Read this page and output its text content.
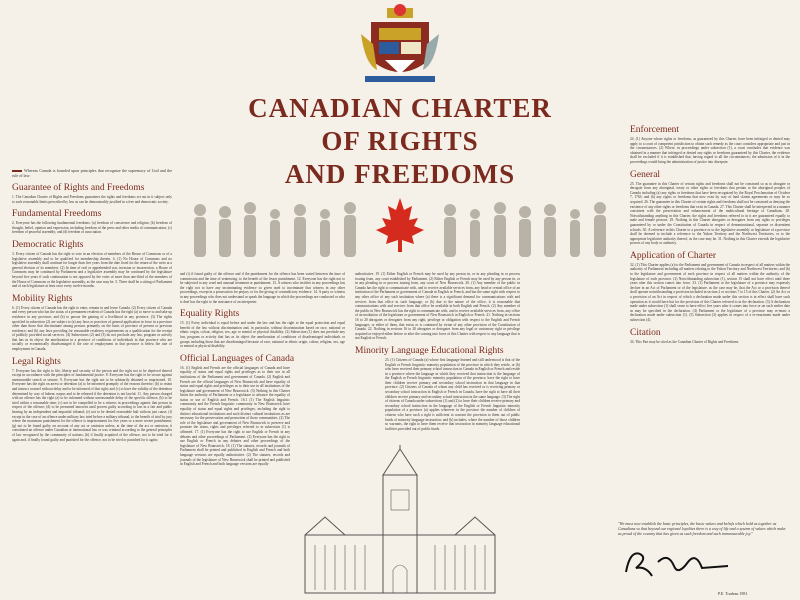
CANADIAN CHARTER
OF RIGHTS
AND FREEDOMS

Whereas Canada is founded upon principles that recognize the supremacy of God and the rule of law:

Guarantee of Rights and Freedoms

1. The Canadian Charter of Rights and Freedoms guarantees the rights and freedoms set out in it subject only to such reasonable limits prescribed by law as can be demonstrably justified in a free and democratic society.

Fundamental Freedoms

2. Everyone has the following fundamental freedoms: (a) freedom of conscience and religion; (b) freedom of thought, belief, opinion and expression, including freedom of the press and other media of communication; (c) freedom of peaceful assembly; and (d) freedom of association.

Democratic Rights

3. Every citizen of Canada has the right to vote in an election of members of the House of Commons or of a legislative assembly and to be qualified for membership therein. 4. (1) No House of Commons and no legislative assembly shall continue for longer than five years from the date fixed for the return of the writs at a general election of its members. (2) In time of real or apprehended war, invasion or insurrection, a House of Commons may be continued by Parliament and a legislative assembly may be continued by the legislature beyond five years if such continuation is not opposed by the votes of more than one-third of the members of the House of Commons or the legislative assembly, as the case may be. 5. There shall be a sitting of Parliament and of each legislature at least once every twelve months.

Mobility Rights

6. (1) Every citizen of Canada has the right to enter, remain in and leave Canada. (2) Every citizen of Canada and every person who has the status of a permanent resident of Canada has the right (a) to move to and take up residence in any province; and (b) to pursue the gaining of a livelihood in any province. (3) The rights specified in subsection (2) are subject to (a) any laws or practices of general application in force in a province other than those that discriminate among persons primarily on the basis of province of present or previous residence; and (b) any laws providing for reasonable residency requirements as a qualification for the receipt of publicly provided social services. (4) Subsections (2) and (3) do not preclude any law, program or activity that has as its object the amelioration in a province of conditions of individuals in that province who are socially or economically disadvantaged if the rate of employment in that province is below the rate of employment in Canada.

Legal Rights

7. Everyone has the right to life, liberty and security of the person and the right not to be deprived thereof except in accordance with the principles of fundamental justice. 8. Everyone has the right to be secure against unreasonable search or seizure. 9. Everyone has the right not to be arbitrarily detained or imprisoned. 10. Everyone has the right on arrest or detention (a) to be informed promptly of the reasons therefor; (b) to retain and instruct counsel without delay and to be informed of that right; and (c) to have the validity of the detention determined by way of habeas corpus and to be released if the detention is not lawful. 11. Any person charged with an offence has the right (a) to be informed without unreasonable delay of the specific offence; (b) to be tried within a reasonable time; (c) not to be compelled to be a witness in proceedings against that person in respect of the offence; (d) to be presumed innocent until proven guilty according to law in a fair and public hearing by an independent and impartial tribunal; (e) not to be denied reasonable bail without just cause; (f) except in the case of an offence under military law tried before a military tribunal, to the benefit of trial by jury where the maximum punishment for the offence is imprisonment for five years or a more severe punishment; (g) not to be found guilty on account of any act or omission unless, at the time of the act or omission, it constituted an offence under Canadian or international law or was criminal according to the general principles of law recognized by the community of nations; (h) if finally acquitted of the offence, not to be tried for it again and, if finally found guilty and punished for the offence, not to be tried or punished for it again;

and (i) if found guilty of the offence and if the punishment for the offence has been varied between the time of commission and the time of sentencing, to the benefit of the lesser punishment. 12. Everyone has the right not to be subjected to any cruel and unusual treatment or punishment. 13. A witness who testifies in any proceedings has the right not to have any incriminating evidence so given used to incriminate that witness in any other proceedings, except in a prosecution for perjury or for the giving of contradictory evidence. 14. A party or witness in any proceedings who does not understand or speak the language in which the proceedings are conducted or who is deaf has the right to the assistance of an interpreter.

Equality Rights

15. (1) Every individual is equal before and under the law and has the right to the equal protection and equal benefit of the law without discrimination and, in particular, without discrimination based on race, national or ethnic origin, colour, religion, sex, age or mental or physical disability. (2) Subsection (1) does not preclude any law, program or activity that has as its object the amelioration of conditions of disadvantaged individuals or groups including those that are disadvantaged because of race, national or ethnic origin, colour, religion, sex, age or mental or physical disability.

Official Languages of Canada

16. (1) English and French are the official languages of Canada and have equality of status and equal rights and privileges as to their use in all institutions of the Parliament and government of Canada. (2) English and French are the official languages of New Brunswick and have equality of status and equal rights and privileges as to their use in all institutions of the legislature and government of New Brunswick. (3) Nothing in this Charter limits the authority of Parliament or a legislature to advance the equality of status or use of English and French. 16.1 (1) The English linguistic community and the French linguistic community in New Brunswick have equality of status and equal rights and privileges, including the right to distinct educational institutions and such distinct cultural institutions as are necessary for the preservation and promotion of those communities. (2) The role of the legislature and government of New Brunswick to preserve and promote the status, rights and privileges referred to in subsection (1) is affirmed. 17. (1) Everyone has the right to use English or French in any debates and other proceedings of Parliament. (2) Everyone has the right to use English or French in any debates and other proceedings of the legislature of New Brunswick. 18. (1) The statutes, records and journals of Parliament shall be printed and published in English and French and both language versions are equally authoritative. (2) The statutes, records and journals of the legislature of New Brunswick shall be printed and published in English and French and both language versions are equally

authoritative. 19. (1) Either English or French may be used by any person in, or in any pleading in or process issuing from, any court established by Parliament. (2) Either English or French may be used by any person in, or in any pleading in or process issuing from, any court of New Brunswick. 20. (1) Any member of the public in Canada has the right to communicate with, and to receive available services from, any head or central office of an institution of the Parliament or government of Canada in English or French, and has the same right with respect to any other office of any such institution where (a) there is a significant demand for communications with and services from that office in such language; or (b) due to the nature of the office, it is reasonable that communications with and services from that office be available in both English and French. (2) Any member of the public in New Brunswick has the right to communicate with, and to receive available services from, any office of an institution of the legislature or government of New Brunswick in English or French. 21. Nothing in sections 16 to 20 abrogates or derogates from any right, privilege or obligation with respect to the English and French languages, or either of them, that exists or is continued by virtue of any other provision of the Constitution of Canada. 22. Nothing in sections 16 to 20 abrogates or derogates from any legal or customary right or privilege acquired or enjoyed either before or after the coming into force of this Charter with respect to any language that is not English or French.

Minority Language Educational Rights

23. (1) Citizens of Canada (a) whose first language learned and still understood is that of the English or French linguistic minority population of the province in which they reside, or (b) who have received their primary school instruction in Canada in English or French and reside in a province where the language in which they received that instruction is the language of the English or French linguistic minority population of the province, have the right to have their children receive primary and secondary school instruction in that language in that province. (2) Citizens of Canada of whom any child has received or is receiving primary or secondary school instruction in English or French in Canada, have the right to have all their children receive primary and secondary school instruction in the same language. (3) The right of citizens of Canada under subsections (1) and (2) to have their children receive primary and secondary school instruction in the language of the English or French linguistic minority population of a province (a) applies wherever in the province the number of children of citizens who have such a right is sufficient to warrant the provision to them out of public funds of minority language instruction; and (b) includes, where the number of those children so warrants, the right to have them receive that instruction in minority language educational facilities provided out of public funds.

Enforcement

24. (1) Anyone whose rights or freedoms, as guaranteed by this Charter, have been infringed or denied may apply to a court of competent jurisdiction to obtain such remedy as the court considers appropriate and just in the circumstances. (2) Where, in proceedings under subsection (1), a court concludes that evidence was obtained in a manner that infringed or denied any rights or freedoms guaranteed by this Charter, the evidence shall be excluded if it is established that, having regard to all the circumstances, the admission of it in the proceedings would bring the administration of justice into disrepute.

General

25. The guarantee in this Charter of certain rights and freedoms shall not be construed so as to abrogate or derogate from any aboriginal, treaty or other rights or freedoms that pertain to the aboriginal peoples of Canada including (a) any rights or freedoms that have been recognized by the Royal Proclamation of October 7, 1763; and (b) any rights or freedoms that now exist by way of land claims agreements or may be so acquired. 26. The guarantee in this Charter of certain rights and freedoms shall not be construed as denying the existence of any other rights or freedoms that exist in Canada. 27. This Charter shall be interpreted in a manner consistent with the preservation and enhancement of the multicultural heritage of Canadians. 28. Notwithstanding anything in this Charter, the rights and freedoms referred to in it are guaranteed equally to male and female persons. 29. Nothing in this Charter abrogates or derogates from any rights or privileges guaranteed by or under the Constitution of Canada in respect of denominational, separate or dissentient schools. 30. A reference in this Charter to a province or to the legislative assembly or legislature of a province shall be deemed to include a reference to the Yukon Territory and the Northwest Territories, or to the appropriate legislative authority thereof, as the case may be. 31. Nothing in this Charter extends the legislative powers of any body or authority.

Application of Charter

32. (1) This Charter applies (a) to the Parliament and government of Canada in respect of all matters within the authority of Parliament including all matters relating to the Yukon Territory and Northwest Territories; and (b) to the legislature and government of each province in respect of all matters within the authority of the legislature of each province. (2) Notwithstanding subsection (1), section 15 shall not have effect until three years after this section comes into force. 33. (1) Parliament or the legislature of a province may expressly declare in an Act of Parliament or of the legislature, as the case may be, that the Act or a provision thereof shall operate notwithstanding a provision included in section 2 or sections 7 to 15 of this Charter. (2) An Act or a provision of an Act in respect of which a declaration made under this section is in effect shall have such operation as it would have but for the provision of this Charter referred to in the declaration. (3) A declaration made under subsection (1) shall cease to have effect five years after it comes into force or on such earlier date as may be specified in the declaration. (4) Parliament or the legislature of a province may re-enact a declaration made under subsection (1). (5) Subsection (3) applies in respect of a re-enactment made under subsection (4).

Citation

34. This Part may be cited as the Canadian Charter of Rights and Freedoms.

"We must now establish the basic principles, the basic values and beliefs which hold us together as Canadians so that beyond our regional loyalties there is a way of life and a system of values which make us proud of the country that has given us such freedom and such immeasurable joy."
P.E. Trudeau 1981
